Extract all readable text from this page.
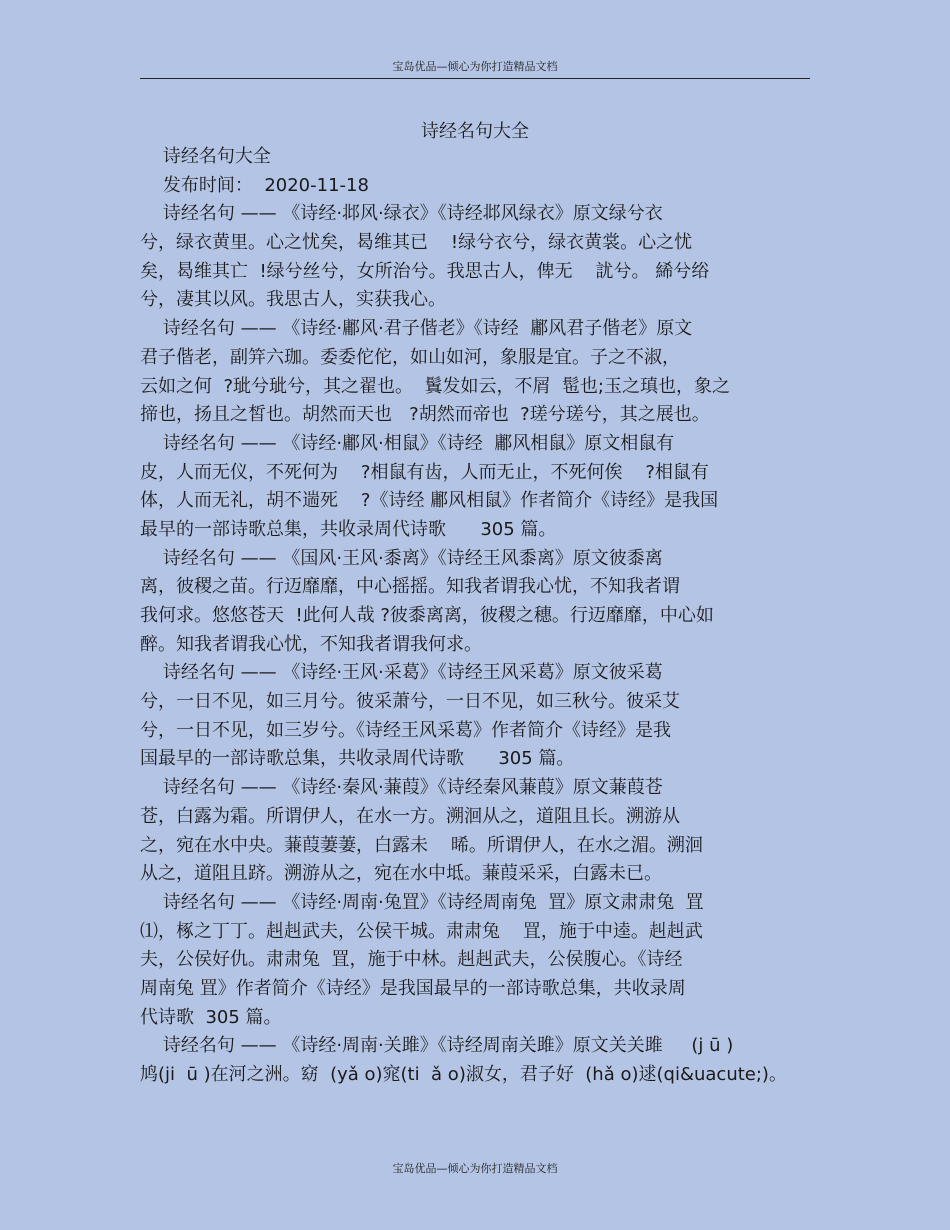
宝岛优品—倾心为你打造精品文档
诗经名句大全
诗经名句大全
发布时间：  2020-11-18
诗经名句 —— 《诗经·邶风·绿衣》《诗经邶风绿衣》原文绿兮衣
兮，绿衣黄里。心之忧矣，曷维其已    !绿兮衣兮，绿衣黄裳。心之忧
矣，曷维其亡  !绿兮丝兮，女所治兮。我思古人，俾无    訧兮。 絺兮绤
兮，凄其以风。我思古人，实获我心。
诗经名句 —— 《诗经·鄘风·君子偕老》《诗经  鄘风君子偕老》原文
君子偕老，副笄六珈。委委佗佗，如山如河，象服是宜。子之不淑，
云如之何  ?玼兮玼兮，其之翟也。  鬒发如云，不屑  髢也;玉之瑱也，象之
揥也，扬且之皙也。胡然而天也   ?胡然而帝也  ?瑳兮瑳兮，其之展也。
诗经名句 —— 《诗经·鄘风·相鼠》《诗经  鄘风相鼠》原文相鼠有
皮，人而无仪，不死何为    ?相鼠有齿，人而无止，不死何俟    ?相鼠有
体，人而无礼，胡不遄死    ?《诗经 鄘风相鼠》作者简介《诗经》是我国
最早的一部诗歌总集，共收录周代诗歌      305 篇。
诗经名句 —— 《国风·王风·黍离》《诗经王风黍离》原文彼黍离
离，彼稷之苗。行迈靡靡，中心摇摇。知我者谓我心忧，不知我者谓
我何求。悠悠苍天  !此何人哉 ?彼黍离离，彼稷之穗。行迈靡靡，中心如
醉。知我者谓我心忧，不知我者谓我何求。
诗经名句 —— 《诗经·王风·采葛》《诗经王风采葛》原文彼采葛
兮，一日不见，如三月兮。彼采萧兮，一日不见，如三秋兮。彼采艾
兮，一日不见，如三岁兮。《诗经王风采葛》作者简介《诗经》是我
国最早的一部诗歌总集，共收录周代诗歌      305 篇。
诗经名句 —— 《诗经·秦风·蒹葭》《诗经秦风蒹葭》原文蒹葭苍
苍，白露为霜。所谓伊人，在水一方。溯洄从之，道阻且长。溯游从
之，宛在水中央。蒹葭萋萋，白露未    晞。所谓伊人，在水之湄。溯洄
从之，道阻且跻。溯游从之，宛在水中坻。蒹葭采采，白露未已。
诗经名句 —— 《诗经·周南·兔罝》《诗经周南兔  罝》原文肃肃兔  罝
⑴，椓之丁丁。赳赳武夫，公侯干城。肃肃兔    罝，施于中逵。赳赳武
夫，公侯好仇。肃肃兔  罝，施于中林。赳赳武夫，公侯腹心。《诗经
周南兔 罝》作者简介《诗经》是我国最早的一部诗歌总集，共收录周
代诗歌  305 篇。
诗经名句 —— 《诗经·周南·关雎》《诗经周南关雎》原文关关雎     (j ū )
鸠(ji  ū )在河之洲。窈  (yǎ o)窕(ti  ǎ o)淑女，君子好  (hǎ o)逑(qi&uacute;)。
宝岛优品—倾心为你打造精品文档
